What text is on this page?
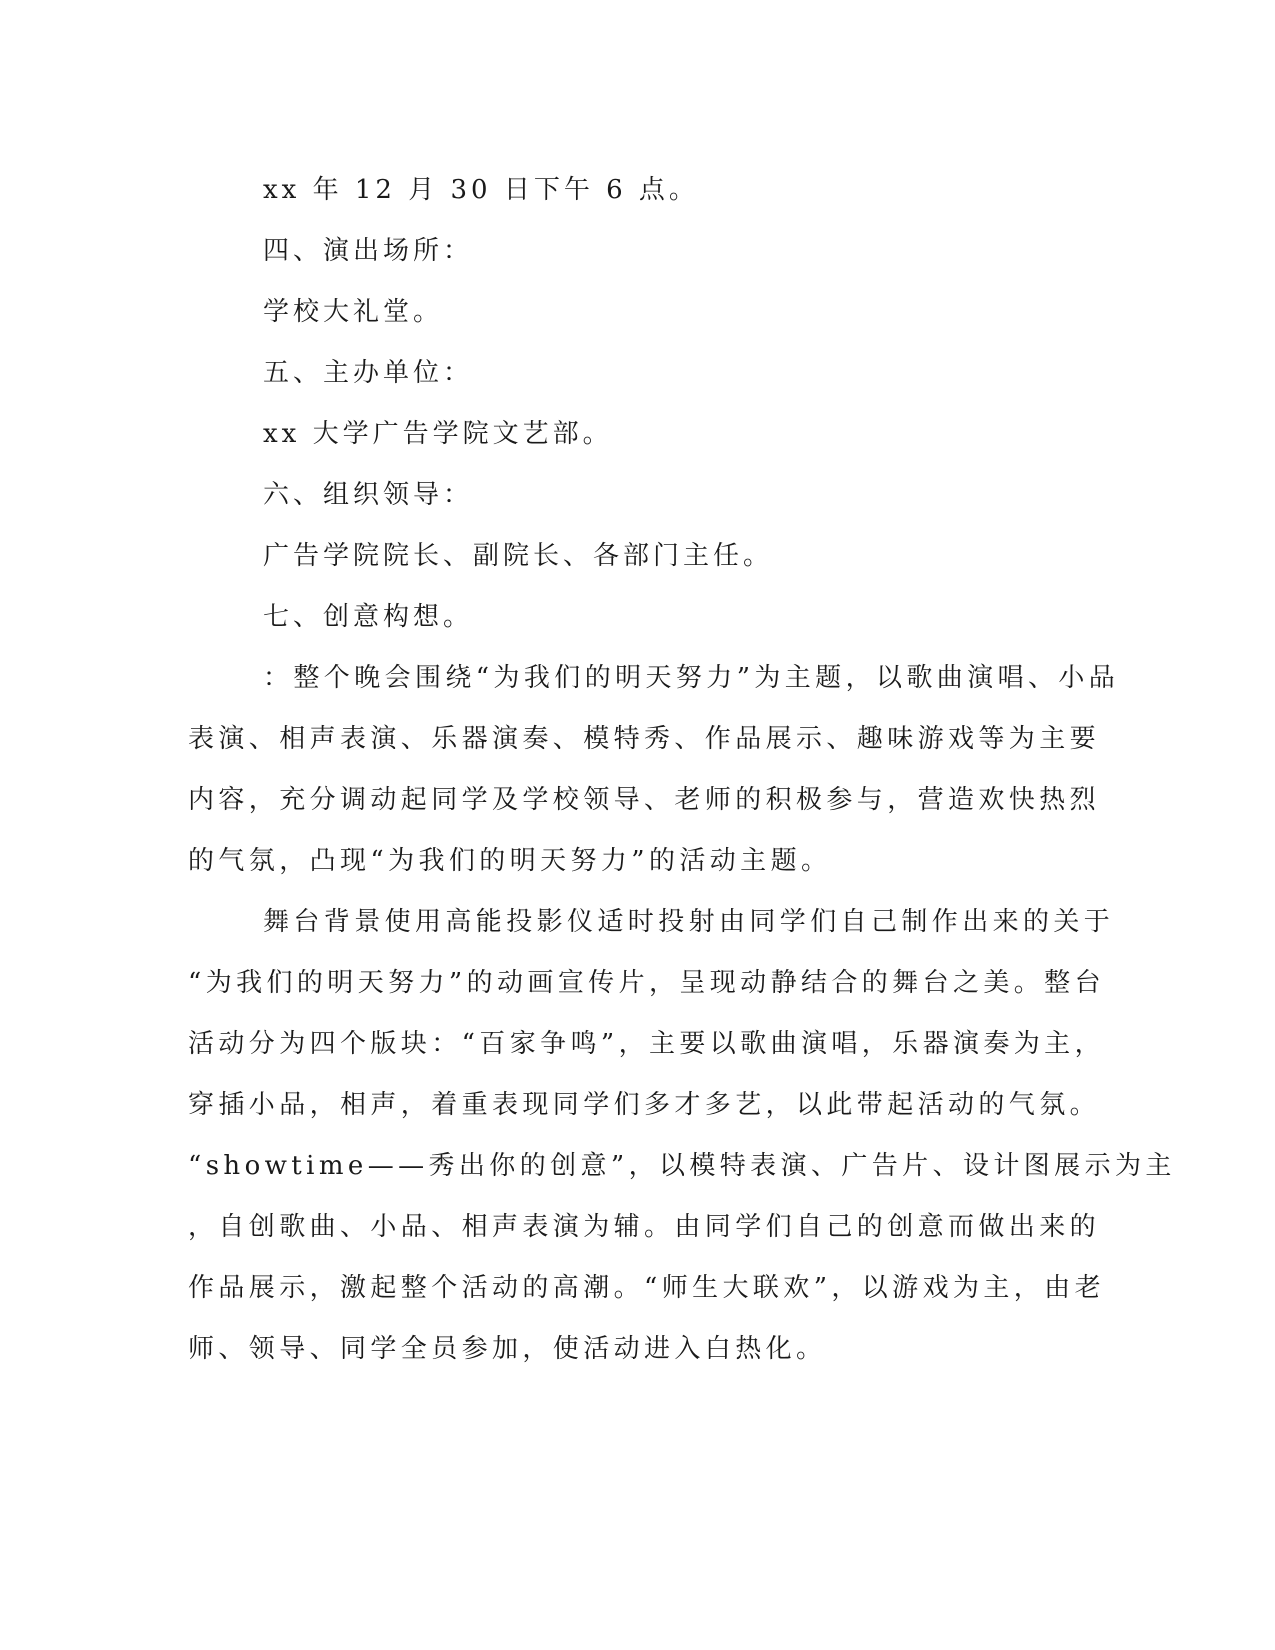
xx 年 12 月 30 日下午 6 点。
四、演出场所：
学校大礼堂。
五、主办单位：
xx 大学广告学院文艺部。
六、组织领导：
广告学院院长、副院长、各部门主任。
七、创意构想。
：整个晚会围绕“为我们的明天努力”为主题，以歌曲演唱、小品
表演、相声表演、乐器演奏、模特秀、作品展示、趣味游戏等为主要
内容，充分调动起同学及学校领导、老师的积极参与，营造欢快热烈
的气氛，凸现“为我们的明天努力”的活动主题。
舞台背景使用高能投影仪适时投射由同学们自己制作出来的关于
“为我们的明天努力”的动画宣传片，呈现动静结合的舞台之美。整台
活动分为四个版块：“百家争鸣”，主要以歌曲演唱，乐器演奏为主，
穿插小品，相声，着重表现同学们多才多艺，以此带起活动的气氛。
“showtime——秀出你的创意”，以模特表演、广告片、设计图展示为主
，自创歌曲、小品、相声表演为辅。由同学们自己的创意而做出来的
作品展示，激起整个活动的高潮。“师生大联欢”，以游戏为主，由老
师、领导、同学全员参加，使活动进入白热化。
